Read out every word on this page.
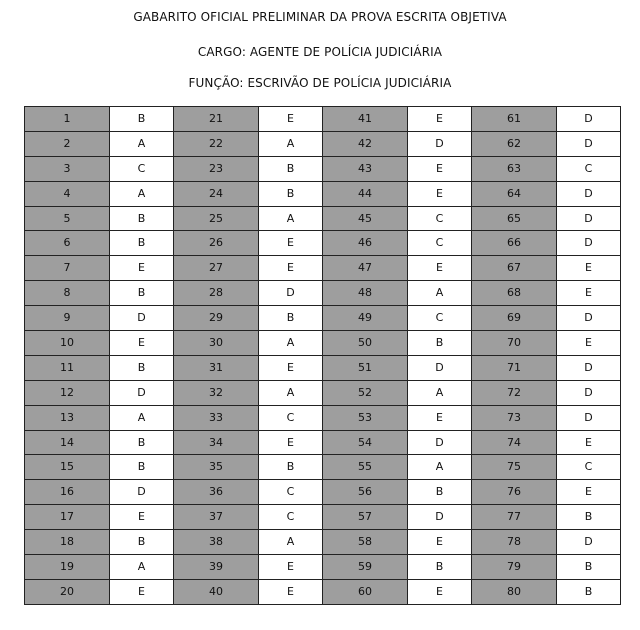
GABARITO OFICIAL PRELIMINAR DA PROVA ESCRITA OBJETIVA
CARGO: AGENTE DE POLÍCIA JUDICIÁRIA
FUNÇÃO: ESCRIVÃO DE POLÍCIA JUDICIÁRIA
1	B	21	E	41	E	61	D
2	A	22	A	42	D	62	D
3	C	23	B	43	E	63	C
4	A	24	B	44	E	64	D
5	B	25	A	45	C	65	D
6	B	26	E	46	C	66	D
7	E	27	E	47	E	67	E
8	B	28	D	48	A	68	E
9	D	29	B	49	C	69	D
10	E	30	A	50	B	70	E
11	B	31	E	51	D	71	D
12	D	32	A	52	A	72	D
13	A	33	C	53	E	73	D
14	B	34	E	54	D	74	E
15	B	35	B	55	A	75	C
16	D	36	C	56	B	76	E
17	E	37	C	57	D	77	B
18	B	38	A	58	E	78	D
19	A	39	E	59	B	79	B
20	E	40	E	60	E	80	B
